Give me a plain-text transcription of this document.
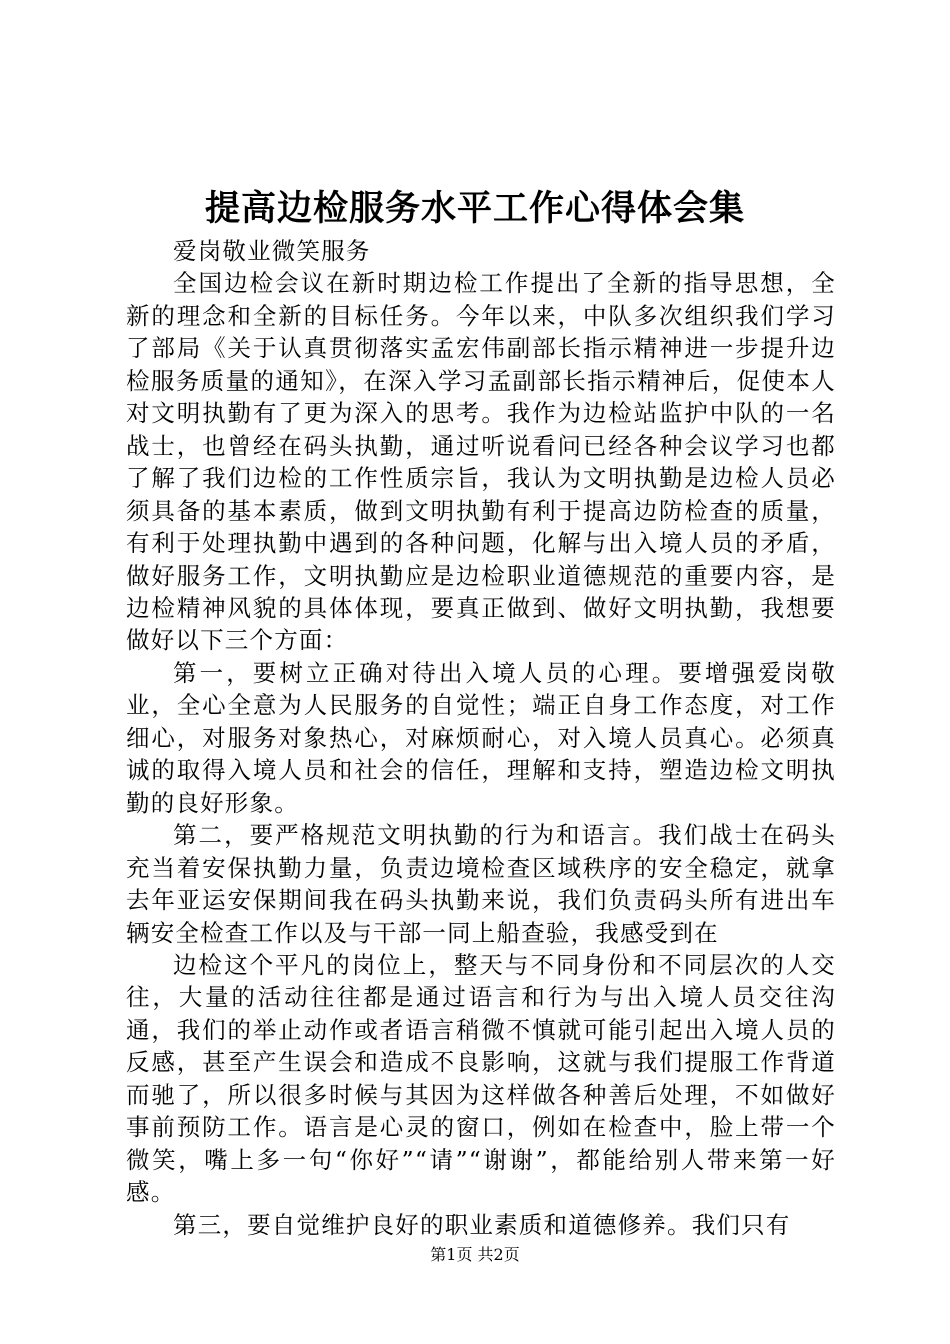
提高边检服务水平工作心得体会集

爱岗敬业微笑服务

全国边检会议在新时期边检工作提出了全新的指导思想，全新的理念和全新的目标任务。今年以来，中队多次组织我们学习了部局《关于认真贯彻落实孟宏伟副部长指示精神进一步提升边检服务质量的通知》，在深入学习孟副部长指示精神后，促使本人对文明执勤有了更为深入的思考。我作为边检站监护中队的一名战士，也曾经在码头执勤，通过听说看问已经各种会议学习也都了解了我们边检的工作性质宗旨，我认为文明执勤是边检人员必须具备的基本素质，做到文明执勤有利于提高边防检查的质量，有利于处理执勤中遇到的各种问题，化解与出入境人员的矛盾，做好服务工作，文明执勤应是边检职业道德规范的重要内容，是边检精神风貌的具体体现，要真正做到、做好文明执勤，我想要做好以下三个方面：

第一，要树立正确对待出入境人员的心理。要增强爱岗敬业，全心全意为人民服务的自觉性；端正自身工作态度，对工作细心，对服务对象热心，对麻烦耐心，对入境人员真心。必须真诚的取得入境人员和社会的信任，理解和支持，塑造边检文明执勤的良好形象。

第二，要严格规范文明执勤的行为和语言。我们战士在码头充当着安保执勤力量，负责边境检查区域秩序的安全稳定，就拿去年亚运安保期间我在码头执勤来说，我们负责码头所有进出车辆安全检查工作以及与干部一同上船查验，我感受到在

边检这个平凡的岗位上，整天与不同身份和不同层次的人交往，大量的活动往往都是通过语言和行为与出入境人员交往沟通，我们的举止动作或者语言稍微不慎就可能引起出入境人员的反感，甚至产生误会和造成不良影响，这就与我们提服工作背道而驰了，所以很多时候与其因为这样做各种善后处理，不如做好事前预防工作。语言是心灵的窗口，例如在检查中，脸上带一个微笑，嘴上多一句“你好”“请”“谢谢”，都能给别人带来第一好感。

第三，要自觉维护良好的职业素质和道德修养。我们只有

第1页 共2页
